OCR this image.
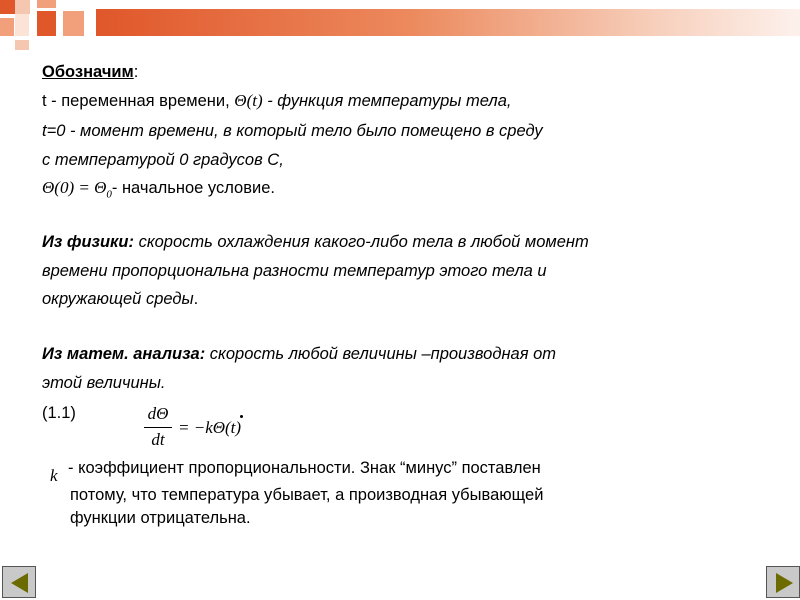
Обозначим:
t - переменная времени, Θ(t) - функция температуры тела,
t=0 - момент времени, в который тело было помещено в среду
с температурой 0 градусов С,
$\Theta(0) = \Theta_0-$ начальное условие.
Из физики: скорость охлаждения какого-либо тела в любой момент
времени пропорциональна разности температур этого тела и
окружающей среды.
Из матем. анализа: скорость любой величины –производная от
этой величины.
(1.1)	dΘ
dt
= −kΘ(t)
k - коэффициент пропорциональности. Знак “минус” поставлен
потому, что температура убывает, а производная убывающей
функции отрицательна.
